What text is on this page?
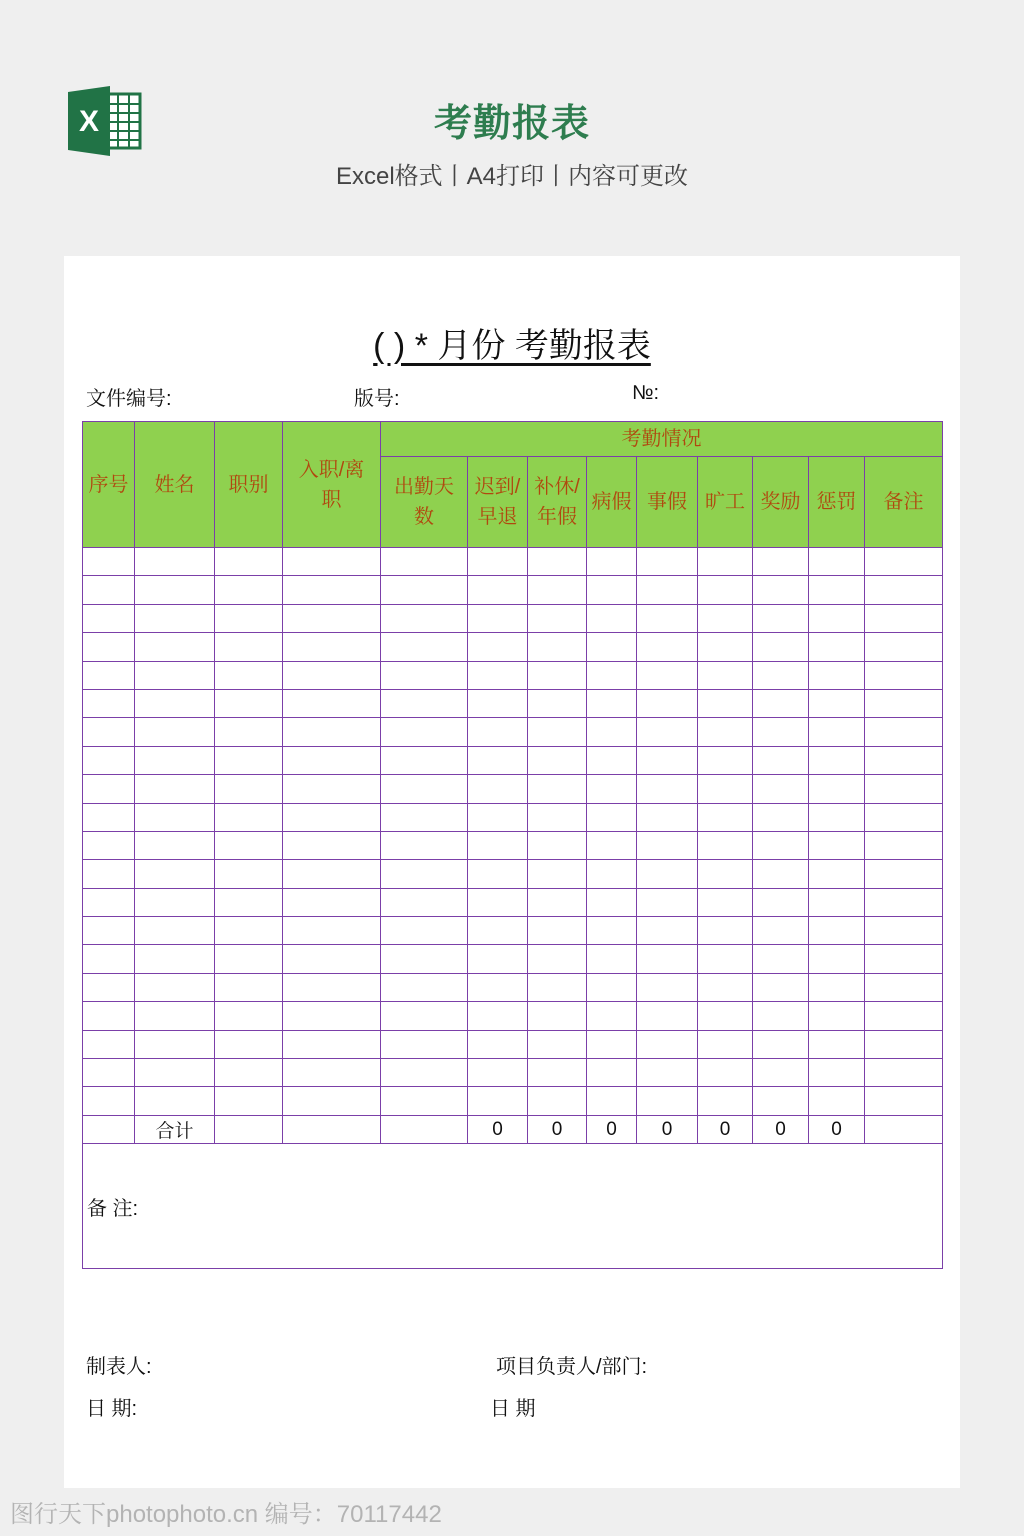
X	考勤报表
Excel格式丨A4打印丨内容可更改
( ) * 月份 考勤报表
文件编号:	版号:	№:
序号	姓名	职别	入职/离职	考勤情况								
				出勤天数	迟到/早退	补休/年假	病假	事假	旷工	奖励	惩罚	备注

	合计				0	0	0	0	0	0	0	
备 注:												
制表人:	项目负责人/部门:
日 期:	日 期
图行天下photophoto.cn 编号：70117442
